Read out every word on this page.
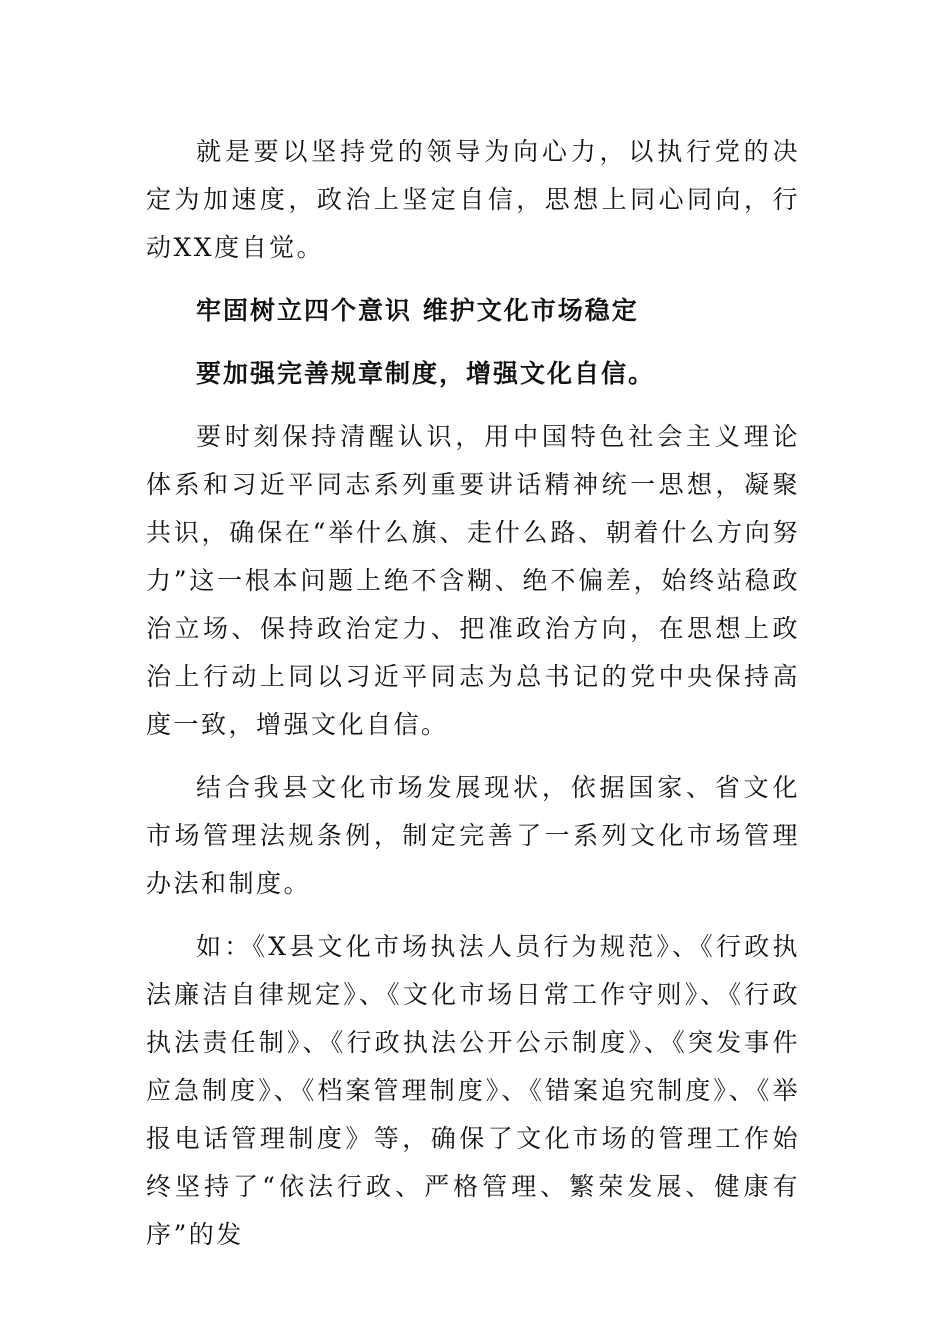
就是要以坚持党的领导为向心力，以执行党的决定为加速度，政治上坚定自信，思想上同心同向，行动XX度自觉。

牢固树立四个意识 维护文化市场稳定

要加强完善规章制度，增强文化自信。

要时刻保持清醒认识，用中国特色社会主义理论体系和习近平同志系列重要讲话精神统一思想，凝聚共识，确保在“举什么旗、走什么路、朝着什么方向努力”这一根本问题上绝不含糊、绝不偏差，始终站稳政治立场、保持政治定力、把准政治方向，在思想上政治上行动上同以习近平同志为总书记的党中央保持高度一致，增强文化自信。

结合我县文化市场发展现状，依据国家、省文化市场管理法规条例，制定完善了一系列文化市场管理办法和制度。

如：《X县文化市场执法人员行为规范》、《行政执法廉洁自律规定》、《文化市场日常工作守则》、《行政执法责任制》、《行政执法公开公示制度》、《突发事件应急制度》、《档案管理制度》、《错案追究制度》、《举报电话管理制度》等，确保了文化市场的管理工作始终坚持了“依法行政、严格管理、繁荣发展、健康有序”的发
